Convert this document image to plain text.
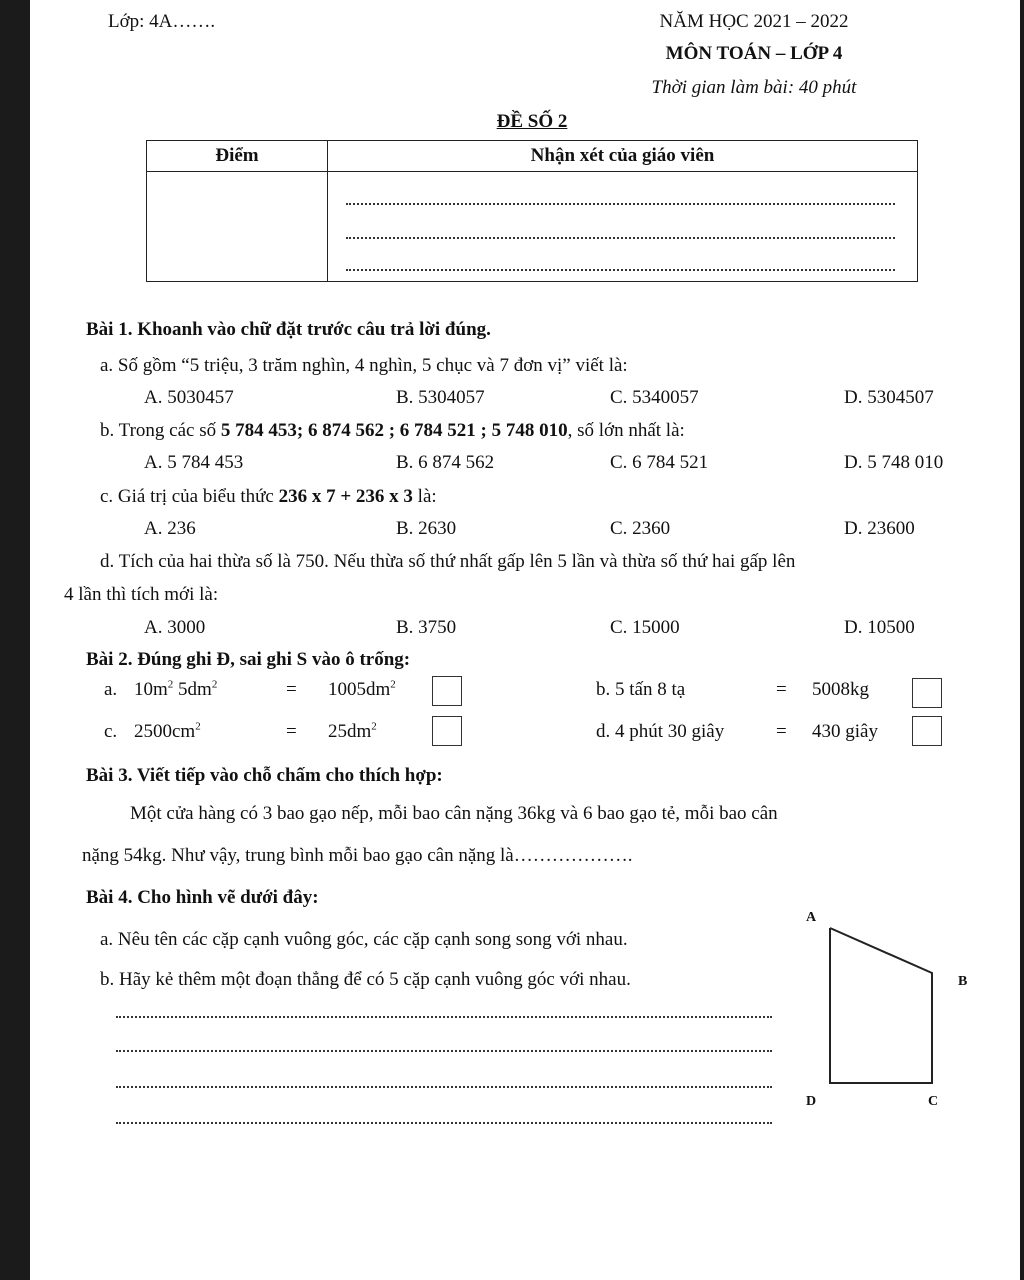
Lớp: 4A…….	NĂM HỌC 2021 – 2022
MÔN TOÁN – LỚP 4
Thời gian làm bài: 40 phút
ĐỀ SỐ 2
Điểm	Nhận xét của giáo viên

Bài 1. Khoanh vào chữ đặt trước câu trả lời đúng.
a. Số gồm “5 triệu, 3 trăm nghìn, 4 nghìn, 5 chục và 7 đơn vị” viết là:
A. 5030457	B. 5304057	C. 5340057	D. 5304507
b. Trong các số 5 784 453; 6 874 562 ; 6 784 521 ; 5 748 010, số lớn nhất là:
A. 5 784 453	B. 6 874 562	C. 6 784 521	D. 5 748 010
c. Giá trị của biểu thức 236 x 7 + 236 x 3 là:
A. 236	B. 2630	C. 2360	D. 23600
d. Tích của hai thừa số là 750. Nếu thừa số thứ nhất gấp lên 5 lần và thừa số thứ hai gấp lên
4 lần thì tích mới là:
A. 3000	B. 3750	C. 15000	D. 10500
Bài 2. Đúng ghi Đ, sai ghi S vào ô trống:
a. $10m^2$ $5dm^2$	= $1005dm^2$	b. 5 tấn 8 tạ	= 5008kg
c. $2500cm^2$	= $25dm^2$	d. 4 phút 30 giây	= 430 giây
Bài 3. Viết tiếp vào chỗ chấm cho thích hợp:
Một cửa hàng có 3 bao gạo nếp, mỗi bao cân nặng 36kg và 6 bao gạo tẻ, mỗi bao cân
nặng 54kg. Như vậy, trung bình mỗi bao gạo cân nặng là……………….
Bài 4. Cho hình vẽ dưới đây:
a. Nêu tên các cặp cạnh vuông góc, các cặp cạnh song song với nhau.
b. Hãy kẻ thêm một đoạn thẳng để có 5 cặp cạnh vuông góc với nhau.
A
B
C
D
